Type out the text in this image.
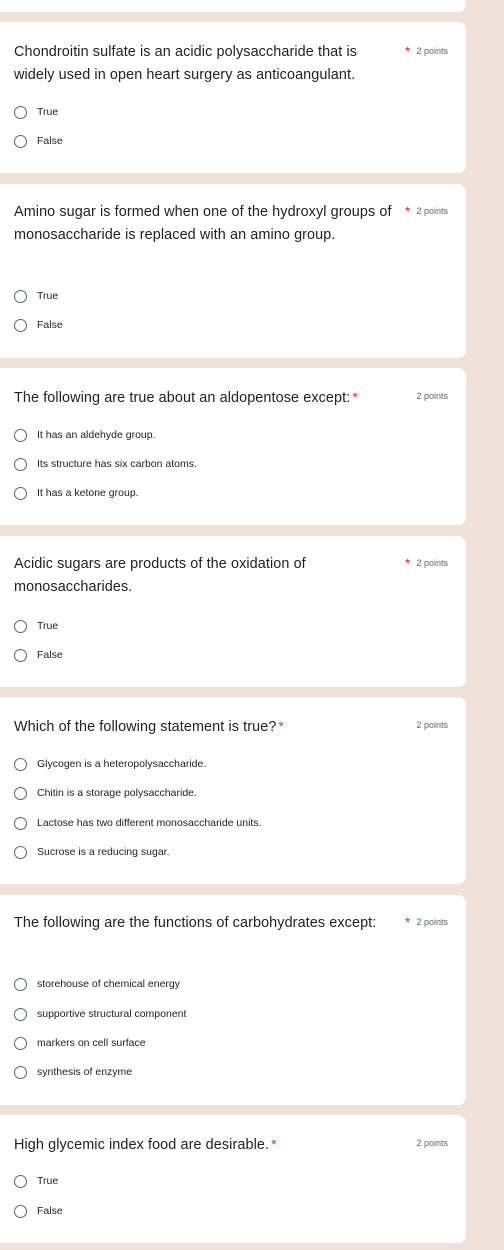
Chondroitin sulfate is an acidic polysaccharide that is widely used in open heart surgery as anticoangulant.
* 2 points
True
False
Amino sugar is formed when one of the hydroxyl groups of monosaccharide is replaced with an amino group.
* 2 points
True
False
The following are true about an aldopentose except: *	2 points
It has an aldehyde group.
Its structure has six carbon atoms.
It has a ketone group.
Acidic sugars are products of the oxidation of monosaccharides.
* 2 points
True
False
Which of the following statement is true? *	2 points
Glycogen is a heteropolysaccharide.
Chitin is a storage polysaccharide.
Lactose has two different monosaccharide units.
Sucrose is a reducing sugar.
The following are the functions of carbohydrates except:	* 2 points
storehouse of chemical energy
supportive structural component
markers on cell surface
synthesis of enzyme
High glycemic index food are desirable. *	2 points
True
False
